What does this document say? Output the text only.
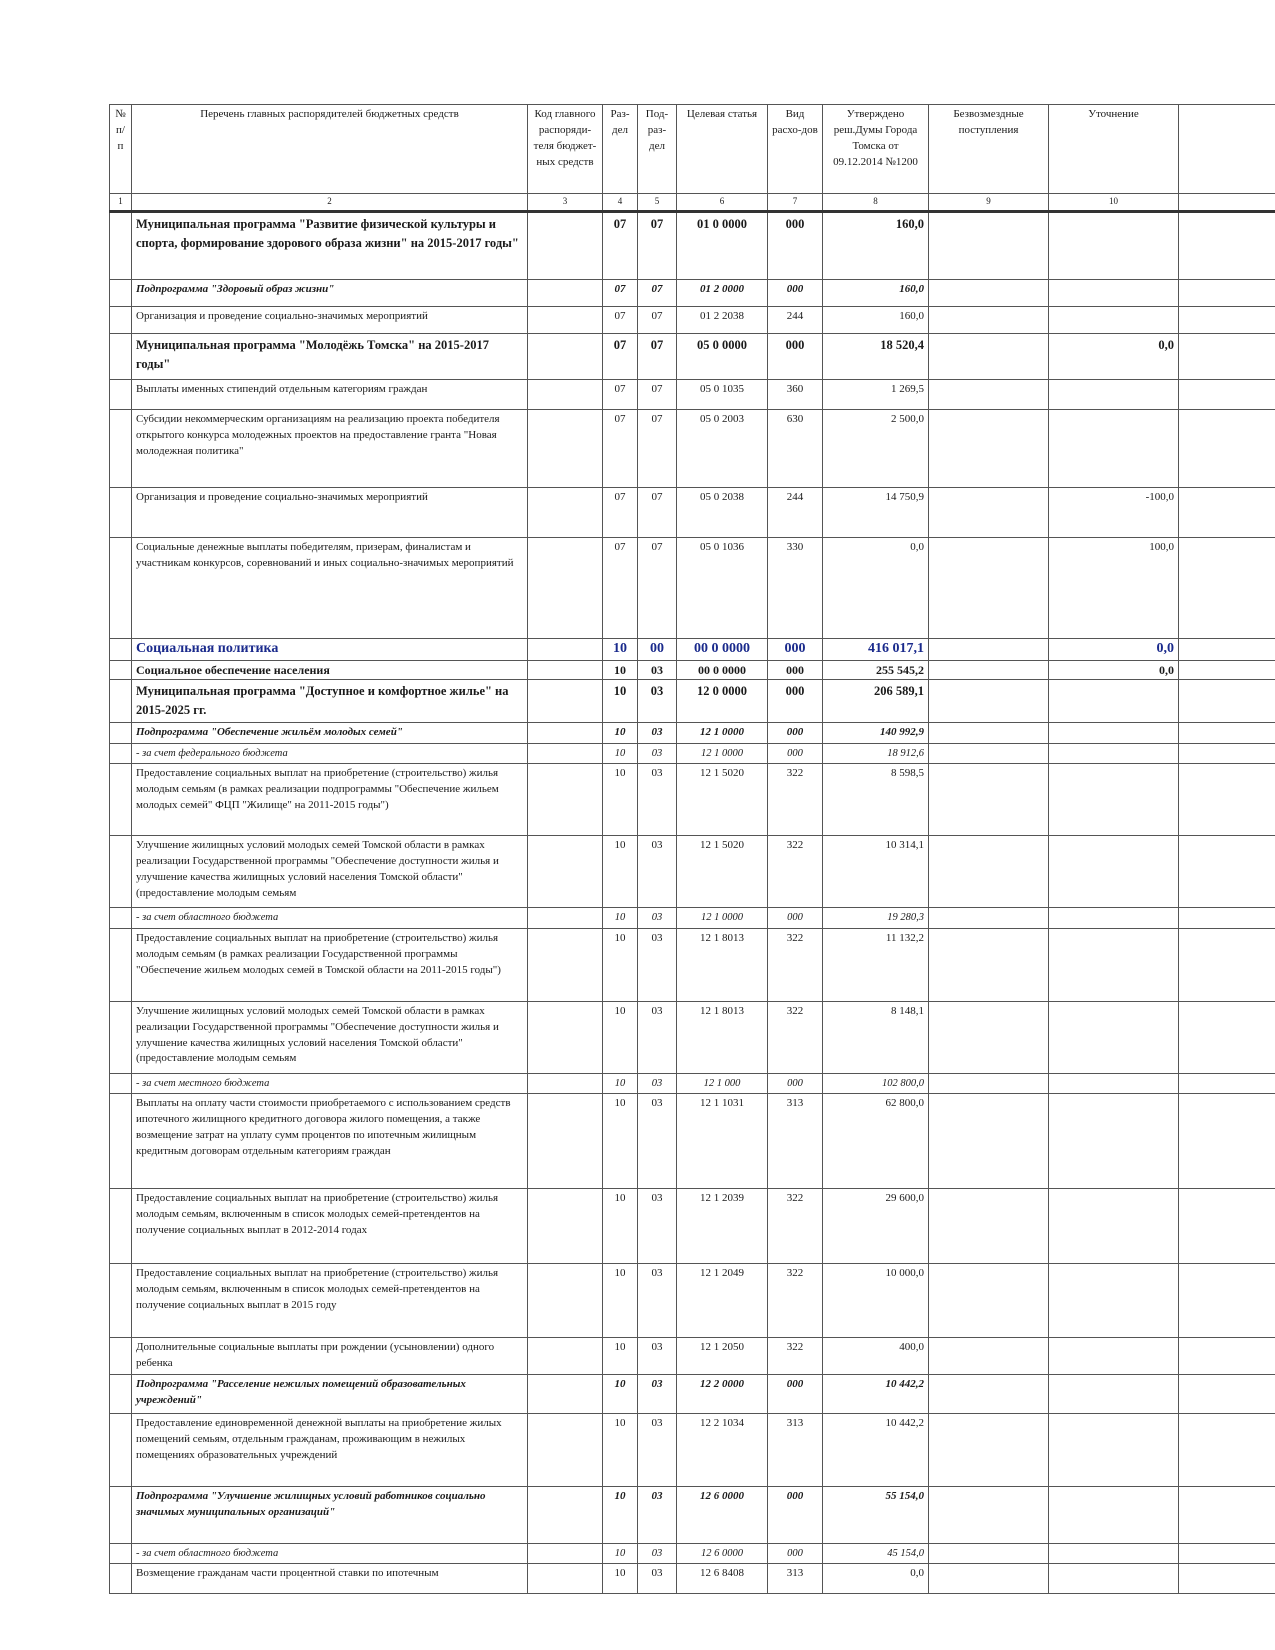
№ п/п	Перечень главных распорядителей бюджетных средств	Код главного распоряди-теля бюджет-ных средств	Раз-дел	Под-раз-дел	Целевая статья	Вид расхо-дов	Утверждено реш.Думы Города Томска от 09.12.2014 №1200	Безвозмездные поступления	Уточнение	
1	2	3	4	5	6	7	8	9	10	
	Муниципальная программа "Развитие физической культуры и спорта, формирование здорового образа жизни" на 2015-2017 годы"		07	07	01 0 0000	000	160,0			
	Подпрограмма "Здоровый образ жизни"		07	07	01 2 0000	000	160,0			
	Организация и проведение социально-значимых мероприятий		07	07	01 2 2038	244	160,0			
	Муниципальная программа "Молодёжь Томска" на 2015-2017 годы"		07	07	05 0 0000	000	18 520,4		0,0	
	Выплаты именных стипендий отдельным категориям граждан		07	07	05 0 1035	360	1 269,5			
	Субсидии некоммерческим организациям на реализацию проекта победителя открытого конкурса молодежных проектов на предоставление гранта "Новая молодежная политика"		07	07	05 0 2003	630	2 500,0			
	Организация и проведение социально-значимых мероприятий		07	07	05 0 2038	244	14 750,9		-100,0	
	Социальные денежные выплаты победителям, призерам, финалистам и участникам конкурсов, соревнований и иных социально-значимых мероприятий		07	07	05 0 1036	330	0,0		100,0	
	Социальная политика		10	00	00 0 0000	000	416 017,1		0,0	
	Социальное обеспечение населения		10	03	00 0 0000	000	255 545,2		0,0	
	Муниципальная программа "Доступное и комфортное жилье" на 2015-2025 гг.		10	03	12 0 0000	000	206 589,1			
	Подпрограмма "Обеспечение жильём молодых семей"		10	03	12 1 0000	000	140 992,9			
	- за счет федерального бюджета		10	03	12 1 0000	000	18 912,6			
	Предоставление социальных выплат на приобретение (строительство) жилья молодым семьям (в рамках реализации подпрограммы "Обеспечение жильем молодых семей" ФЦП "Жилище" на 2011-2015 годы")		10	03	12 1 5020	322	8 598,5			
	Улучшение жилищных условий молодых семей Томской области в рамках реализации Государственной программы "Обеспечение доступности жилья и улучшение качества жилищных условий населения Томской области" (предоставление молодым семьям		10	03	12 1 5020	322	10 314,1			
	- за счет областного бюджета		10	03	12 1 0000	000	19 280,3			
	Предоставление социальных выплат на приобретение (строительство) жилья молодым семьям (в рамках реализации Государственной программы "Обеспечение жильем молодых семей в Томской области на 2011-2015 годы")		10	03	12 1 8013	322	11 132,2			
	Улучшение жилищных условий молодых семей Томской области в рамках реализации Государственной программы "Обеспечение доступности жилья и улучшение качества жилищных условий населения Томской области" (предоставление молодым семьям		10	03	12 1 8013	322	8 148,1			
	- за счет местного бюджета		10	03	12 1 000	000	102 800,0			
	Выплаты на оплату части стоимости приобретаемого с использованием средств ипотечного жилищного кредитного договора жилого помещения, а также возмещение затрат на уплату сумм процентов по ипотечным жилищным кредитным договорам отдельным категориям граждан		10	03	12 1 1031	313	62 800,0			
	Предоставление социальных выплат на приобретение (строительство) жилья молодым семьям, включенным в список молодых семей-претендентов на получение социальных выплат в 2012-2014 годах		10	03	12 1 2039	322	29 600,0			
	Предоставление социальных выплат на приобретение (строительство) жилья молодым семьям, включенным в список молодых семей-претендентов на получение социальных выплат в 2015 году		10	03	12 1 2049	322	10 000,0			
	Дополнительные социальные выплаты при рождении (усыновлении) одного ребенка		10	03	12 1 2050	322	400,0			
	Подпрограмма "Расселение нежилых помещений образовательных учреждений"		10	03	12 2 0000	000	10 442,2			
	Предоставление единовременной денежной выплаты на приобретение жилых помещений семьям, отдельным гражданам, проживающим в нежилых помещениях образовательных учреждений		10	03	12 2 1034	313	10 442,2			
	Подпрограмма "Улучшение жилищных условий работников социально значимых муниципальных организаций"		10	03	12 6 0000	000	55 154,0			
	- за счет областного бюджета		10	03	12 6 0000	000	45 154,0			
	Возмещение гражданам части процентной ставки по ипотечным		10	03	12 6 8408	313	0,0			
